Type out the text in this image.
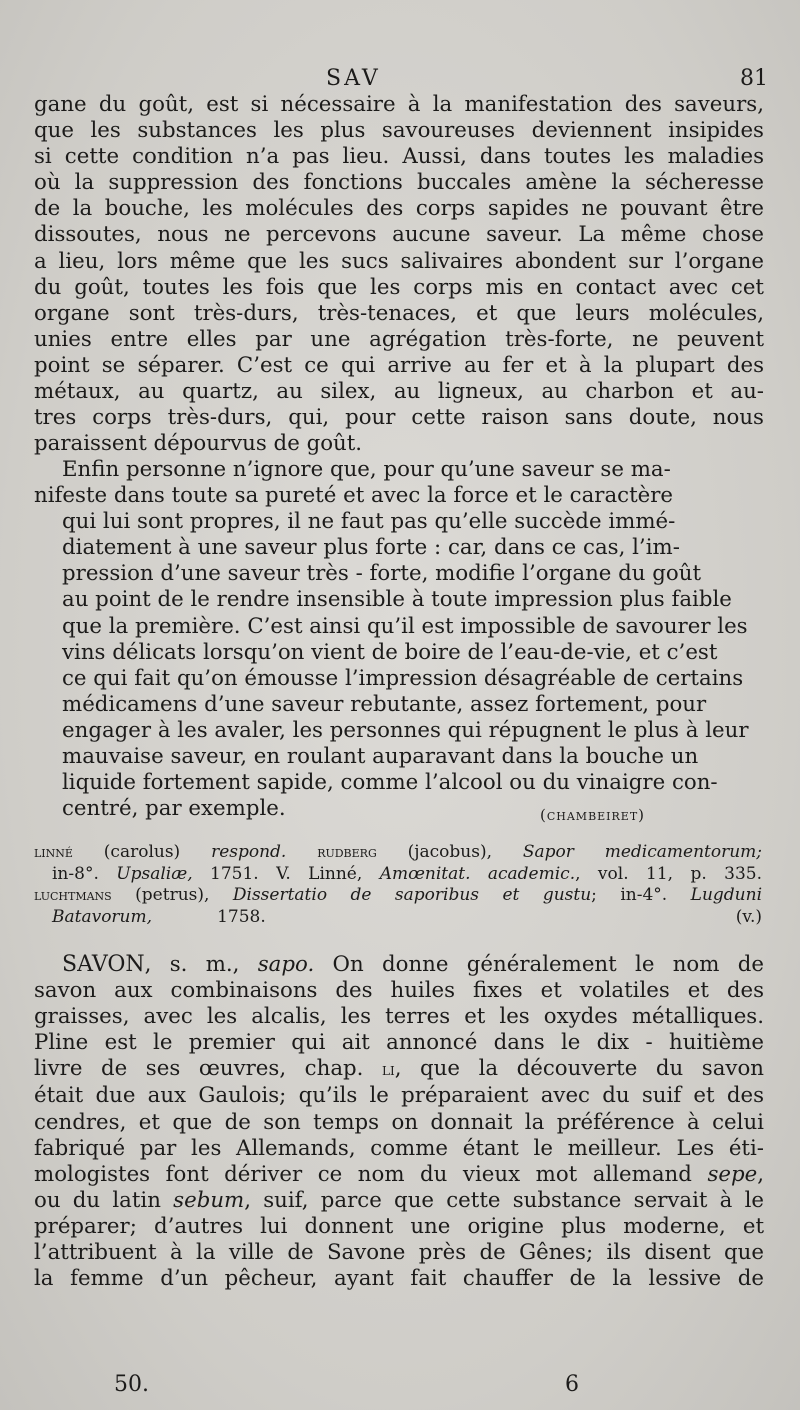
SAV	81

gane du goût, est si nécessaire à la manifestation des saveurs,
que les substances les plus savoureuses deviennent insipides
si cette condition n’a pas lieu. Aussi, dans toutes les maladies
où la suppression des fonctions buccales amène la sécheresse
de la bouche, les molécules des corps sapides ne pouvant être
dissoutes, nous ne percevons aucune saveur. La même chose
a lieu, lors même que les sucs salivaires abondent sur l’organe
du goût, toutes les fois que les corps mis en contact avec cet
organe sont très-durs, très-tenaces, et que leurs molécules,
unies entre elles par une agrégation très-forte, ne peuvent
point se séparer. C’est ce qui arrive au fer et à la plupart des
métaux, au quartz, au silex, au ligneux, au charbon et au-
tres corps très-durs, qui, pour cette raison sans doute, nous
paraissent dépourvus de goût.

Enfin personne n’ignore que, pour qu’une saveur se ma-
nifeste dans toute sa pureté et avec la force et le caractère
qui lui sont propres, il ne faut pas qu’elle succède immé-
diatement à une saveur plus forte : car, dans ce cas, l’im-
pression d’une saveur très - forte, modifie l’organe du goût
au point de le rendre insensible à toute impression plus faible
que la première. C’est ainsi qu’il est impossible de savourer les
vins délicats lorsqu’on vient de boire de l’eau-de-vie, et c’est
ce qui fait qu’on émousse l’impression désagréable de certains
médicamens d’une saveur rebutante, assez fortement, pour
engager à les avaler, les personnes qui répugnent le plus à leur
mauvaise saveur, en roulant auparavant dans la bouche un
liquide fortement sapide, comme l’alcool ou du vinaigre con-
centré, par exemple.	(chambeiret)
linné (carolus) respond. rudberg (jacobus), Sapor medicamentorum;
in-8°. Upsaliæ, 1751. V. Linné, Amœnitat. academic., vol. 11, p. 335.
luchtmans (petrus), Dissertatio de saporibus et gustu; in-4°. Lugduni
Batavorum,	1758.	(v.)

SAVON, s. m., sapo. On donne généralement le nom de
savon aux combinaisons des huiles fixes et volatiles et des
graisses, avec les alcalis, les terres et les oxydes métalliques.
Pline est le premier qui ait annoncé dans le dix - huitième
livre de ses œuvres, chap. li, que la découverte du savon
était due aux Gaulois; qu’ils le préparaient avec du suif et des
cendres, et que de son temps on donnait la préférence à celui
fabriqué par les Allemands, comme étant le meilleur. Les éti-
mologistes font dériver ce nom du vieux mot allemand sepe,
ou du latin sebum, suif, parce que cette substance servait à le
préparer; d’autres lui donnent une origine plus moderne, et
l’attribuent à la ville de Savone près de Gênes; ils disent que
la femme d’un pêcheur, ayant fait chauffer de la lessive de

50.	6
